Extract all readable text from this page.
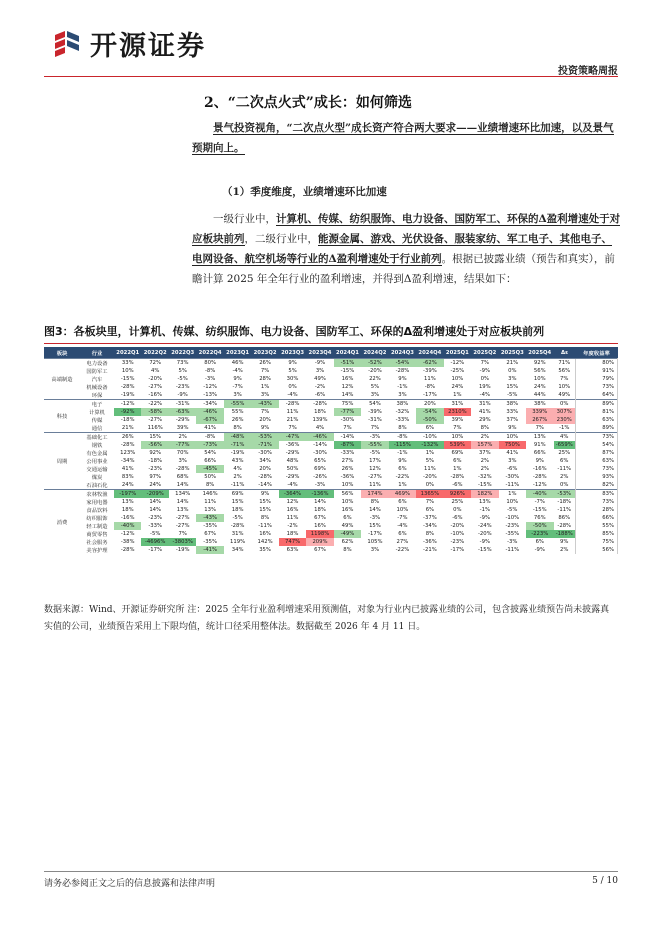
开源证券
投资策略周报
2、“二次点火式”成长：如何筛选
景气投资视角，“二次点火型”成长资产符合两大要求——业绩增速环比加速，以及景气预期向上。
（1）季度维度，业绩增速环比加速
一级行业中，计算机、传媒、纺织服饰、电力设备、国防军工、环保的Δ盈利增速处于对应板块前列，二级行业中，能源金属、游戏、光伏设备、服装家纺、军工电子、其他电子、电网设备、航空机场等行业的Δ盈利增速处于行业前列。根据已披露业绩（预告和真实），前瞻计算 2025 年全年行业的盈利增速，并得到Δ盈利增速，结果如下：
图3：各板块里，计算机、传媒、纺织服饰、电力设备、国防军工、环保的Δ盈利增速处于对应板块前列
板块	行业	2022Q1	2022Q2	2022Q3	2022Q4	2023Q1	2023Q2	2023Q3	2023Q4	2024Q1	2024Q2	2024Q3	2024Q4	2025Q1	2025Q2	2025Q3	2025Q4	Δε	年度收益率
高端制造	电力设备	33%	72%	73%	80%	46%	26%	9%	-9%	-51%	-52%	-54%	-62%	-12%	7%	21%	92%	71%	80%
	国防军工	10%	4%	5%	-8%	-4%	7%	5%	3%	-15%	-20%	-28%	-39%	-25%	-9%	0%	56%	56%	91%
	汽车	-15%	-20%	-5%	-3%	9%	28%	30%	49%	16%	22%	9%	11%	10%	0%	3%	10%	7%	79%
	机械设备	-28%	-27%	-23%	-12%	-7%	1%	0%	-2%	12%	5%	-1%	-8%	24%	19%	15%	24%	10%	73%
	环保	-19%	-16%	-9%	-13%	3%	3%	-4%	-6%	14%	3%	3%	-17%	1%	-4%	-5%	44%	49%	64%
科技	电子	-12%	-22%	-31%	-34%	-55%	-43%	-28%	-28%	75%	54%	38%	20%	31%	31%	38%	38%	0%	89%
	计算机	-92%	-58%	-63%	-46%	55%	7%	11%	18%	-77%	-39%	-32%	-54%	2310%	41%	33%	339%	307%	81%
	传媒	-18%	-27%	-29%	-67%	26%	20%	21%	139%	-30%	-31%	-33%	-50%	39%	29%	37%	267%	230%	63%
	通信	21%	116%	39%	41%	8%	9%	7%	4%	7%	7%	8%	6%	7%	8%	9%	7%	-1%	89%
周期	基础化工	26%	15%	2%	-8%	-48%	-53%	-47%	-46%	-14%	-3%	-8%	-10%	10%	2%	10%	13%	4%	73%
	钢铁	-28%	-56%	-77%	-73%	-71%	-71%	-36%	-14%	-87%	-55%	-115%	-132%	539%	157%	750%	91%	-659%	54%
	有色金属	123%	92%	70%	54%	-19%	-30%	-29%	-30%	-33%	-5%	-1%	1%	69%	37%	41%	66%	25%	87%
	公用事业	-34%	-18%	3%	66%	43%	34%	48%	65%	27%	17%	9%	5%	6%	2%	3%	9%	6%	63%
	交通运输	41%	-23%	-28%	-45%	4%	20%	50%	69%	26%	12%	6%	11%	1%	2%	-6%	-16%	-11%	73%
	煤炭	83%	97%	68%	50%	2%	-28%	-29%	-26%	-36%	-27%	-22%	-20%	-28%	-32%	-30%	-28%	2%	93%
	石油石化	24%	24%	14%	8%	-11%	-14%	-4%	-3%	10%	11%	1%	0%	-6%	-15%	-11%	-12%	0%	82%
消费	农林牧渔	-197%	-209%	134%	146%	69%	9%	-364%	-136%	56%	174%	469%	1365%	926%	182%	1%	-40%	-53%	83%
	家用电器	13%	14%	14%	11%	15%	15%	12%	14%	10%	8%	6%	7%	25%	13%	10%	-7%	-18%	73%
	食品饮料	18%	14%	13%	13%	18%	15%	16%	18%	16%	14%	10%	6%	0%	-1%	-5%	-15%	-11%	28%
	纺织服饰	-16%	-23%	-27%	-43%	-5%	8%	11%	67%	6%	-3%	-7%	-37%	-6%	-9%	-10%	76%	86%	66%
	轻工制造	-40%	-33%	-27%	-35%	-28%	-11%	-2%	16%	49%	15%	-4%	-34%	-20%	-24%	-23%	-50%	-28%	55%
	商贸零售	-12%	-5%	7%	67%	31%	16%	18%	1198%	-49%	-17%	6%	8%	-10%	-20%	-35%	-223%	-188%	85%
	社会服务	-38%	-4696%	-3803%	-35%	119%	142%	747%	209%	62%	105%	27%	-36%	-23%	-9%	-3%	6%	9%	75%
	美容护理	-28%	-17%	-19%	-41%	34%	35%	63%	67%	8%	3%	-22%	-21%	-17%	-15%	-11%	-9%	2%	56%
数据来源：Wind、开源证券研究所 注：2025 全年行业盈利增速采用预测值，对象为行业内已披露业绩的公司，包含披露业绩预告尚未披露真实值的公司，业绩预告采用上下限均值，统计口径采用整体法。数据截至 2026 年 4 月 11 日。
请务必参阅正文之后的信息披露和法律声明	5 / 10
